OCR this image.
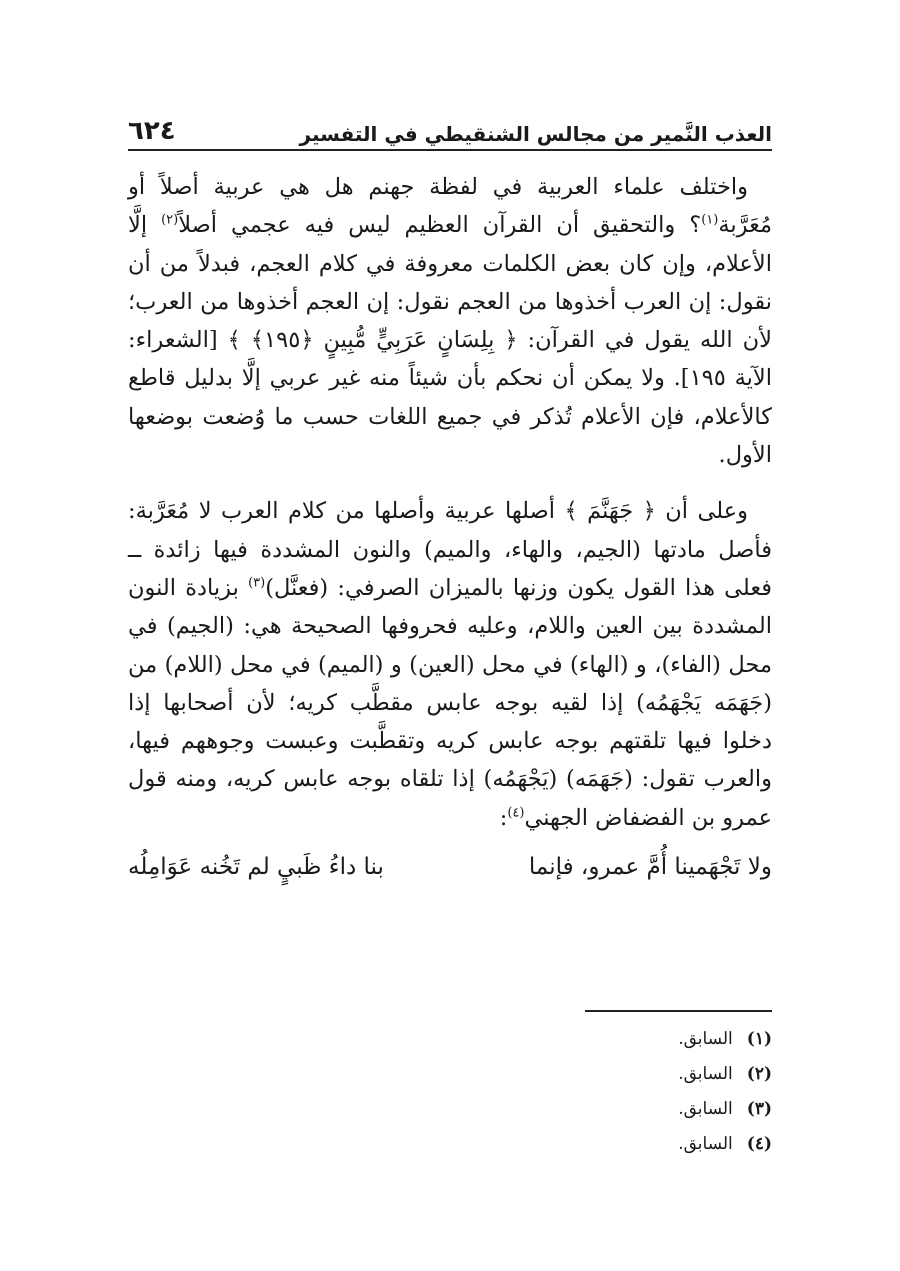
٦٢٤	العذب النَّمير من مجالس الشنقيطي في التفسير

واختلف علماء العربية في لفظة جهنم هل هي عربية أصلاً أو مُعَرَّبة$^{(١)}$؟ والتحقيق أن القرآن العظيم ليس فيه عجمي أصلاً$^{(٢)}$ إلَّا الأعلام، وإن كان بعض الكلمات معروفة في كلام العجم، فبدلاً من أن نقول: إن العرب أخذوها من العجم نقول: إن العجم أخذوها من العرب؛ لأن الله يقول في القرآن: ﴿ بِلِسَانٍ عَرَبِيٍّ مُّبِينٍ ﴿١٩٥﴾ ﴾ [الشعراء: الآية ١٩٥]. ولا يمكن أن نحكم بأن شيئاً منه غير عربي إلَّا بدليل قاطع كالأعلام، فإن الأعلام تُذكر في جميع اللغات حسب ما وُضعت بوضعها الأول.

وعلى أن ﴿ جَهَنَّمَ ﴾ أصلها عربية وأصلها من كلام العرب لا مُعَرَّبة: فأصل مادتها (الجيم، والهاء، والميم) والنون المشددة فيها زائدة ــ فعلى هذا القول يكون وزنها بالميزان الصرفي: (فعنَّل)$^{(٣)}$ بزيادة النون المشددة بين العين واللام، وعليه فحروفها الصحيحة هي: (الجيم) في محل (الفاء)، و (الهاء) في محل (العين) و (الميم) في محل (اللام) من (جَهَمَه يَجْهَمُه) إذا لقيه بوجه عابس مقطَّب كريه؛ لأن أصحابها إذا دخلوا فيها تلقتهم بوجه عابس كريه وتقطَّبت وعبست وجوههم فيها، والعرب تقول: (جَهَمَه) (يَجْهَمُه) إذا تلقاه بوجه عابس كريه، ومنه قول عمرو بن الفضفاض الجهني$^{(٤)}$:

ولا تَجْهَمينا أُمَّ عمرو، فإنما
بنا داءُ ظَبيٍ لم تَخُنه عَوَامِلُه
(١)
السابق.
(٢)
السابق.
(٣)
السابق.
(٤)
السابق.
